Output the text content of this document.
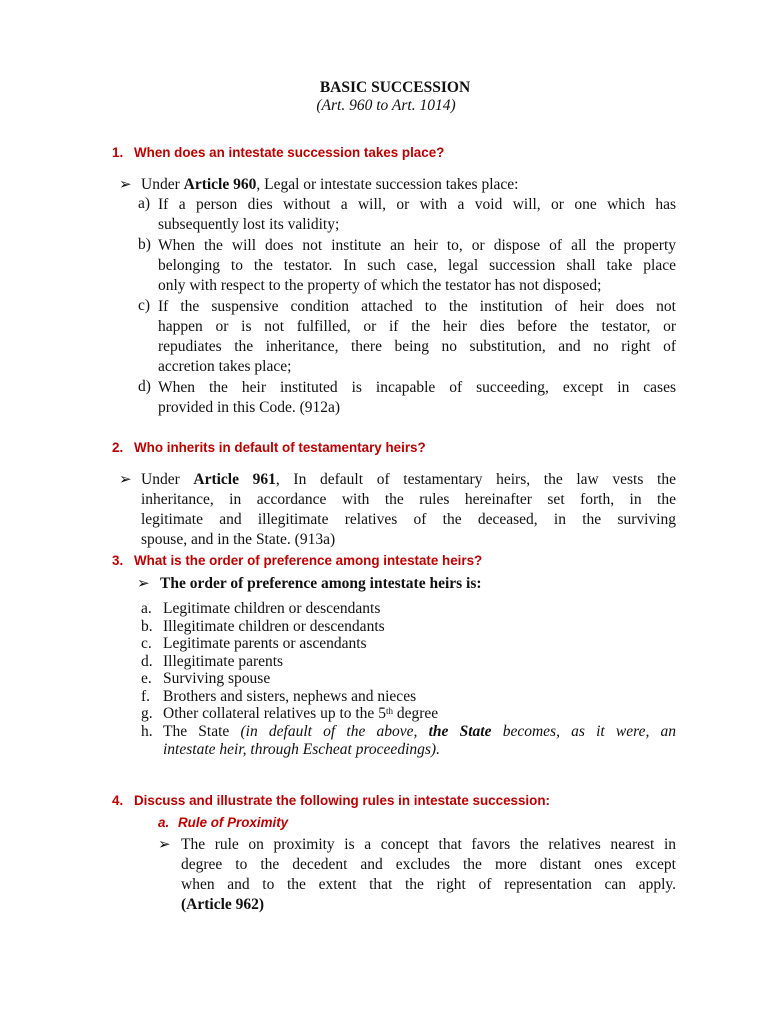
BASIC SUCCESSION
(Art. 960 to Art. 1014)
1. When does an intestate succession takes place?
➢ Under Article 960, Legal or intestate succession takes place:
a) If a person dies without a will, or with a void will, or one which has
subsequently lost its validity;
b) When the will does not institute an heir to, or dispose of all the property
belonging to the testator. In such case, legal succession shall take place
only with respect to the property of which the testator has not disposed;
c) If the suspensive condition attached to the institution of heir does not
happen or is not fulfilled, or if the heir dies before the testator, or
repudiates the inheritance, there being no substitution, and no right of
accretion takes place;
d) When the heir instituted is incapable of succeeding, except in cases
provided in this Code. (912a)
2. Who inherits in default of testamentary heirs?
➢ Under Article 961, In default of testamentary heirs, the law vests the
inheritance, in accordance with the rules hereinafter set forth, in the
legitimate and illegitimate relatives of the deceased, in the surviving
spouse, and in the State. (913a)
3. What is the order of preference among intestate heirs?
➢ The order of preference among intestate heirs is:
a. Legitimate children or descendants
b. Illegitimate children or descendants
c. Legitimate parents or ascendants
d. Illegitimate parents
e. Surviving spouse
f. Brothers and sisters, nephews and nieces
g. Other collateral relatives up to the 5th degree
h. The State (in default of the above, the State becomes, as it were, an
intestate heir, through Escheat proceedings).
4. Discuss and illustrate the following rules in intestate succession:
a. Rule of Proximity
➢ The rule on proximity is a concept that favors the relatives nearest in
degree to the decedent and excludes the more distant ones except
when and to the extent that the right of representation can apply.
(Article 962)
